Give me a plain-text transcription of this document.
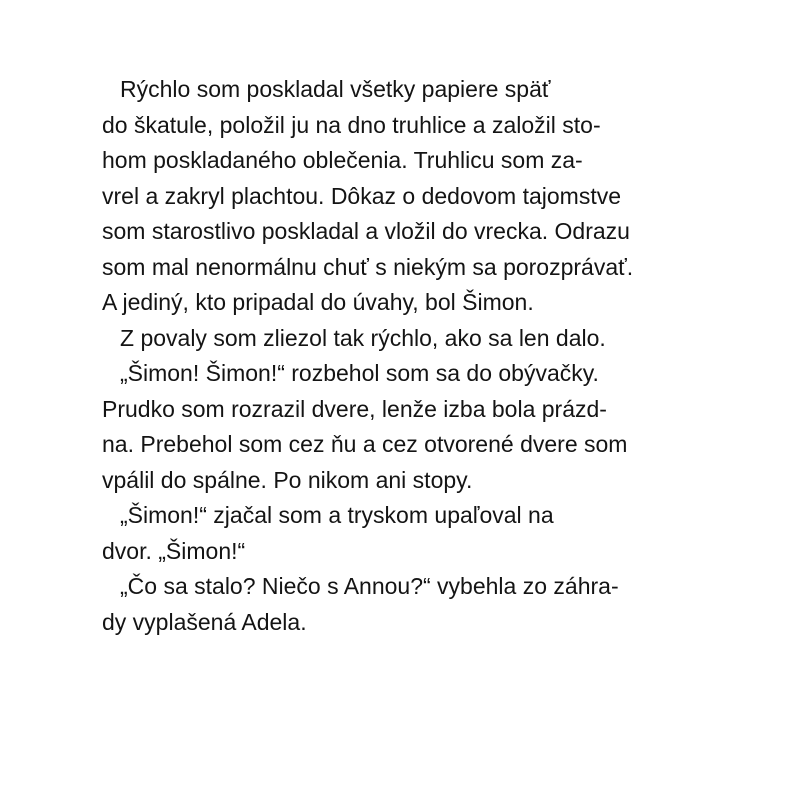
Rýchlo som poskladal všetky papiere späť
do škatule, položil ju na dno truhlice a založil sto-
hom poskladaného oblečenia. Truhlicu som za-
vrel a zakryl plachtou. Dôkaz o dedovom tajomstve
som starostlivo poskladal a vložil do vrecka. Odrazu
som mal nenormálnu chuť s niekým sa porozprávať.
A jediný, kto pripadal do úvahy, bol Šimon.
Z povaly som zliezol tak rýchlo, ako sa len dalo.
„Šimon! Šimon!“ rozbehol som sa do obývačky.
Prudko som rozrazil dvere, lenže izba bola prázd-
na. Prebehol som cez ňu a cez otvorené dvere som
vpálil do spálne. Po nikom ani stopy.
„Šimon!“ zjačal som a tryskom upaľoval na
dvor. „Šimon!“
„Čo sa stalo? Niečo s Annou?“ vybehla zo záhra-
dy vyplašená Adela.
